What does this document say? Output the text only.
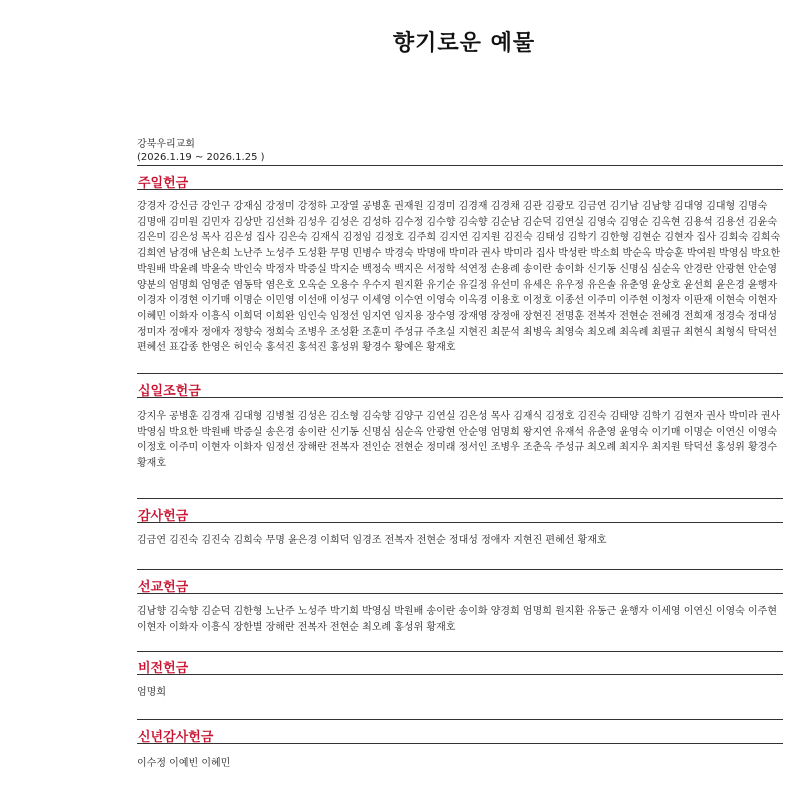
향기로운 예물
강북우리교회
(2026.1.19 ~ 2026.1.25 )
주일헌금
강경자 강신금 강인구 강재심 강정미 강정하 고장열 공병훈 권재원 김경미 김경재 김경채 김관 김광모 김금연 김기남 김남향 김대영 김대형 김명숙 김명애 김미원 김민자 김상만 김선화 김성우 김성은 김성하 김수정 김수향 김숙향 김순남 김순덕 김연실 김영숙 김영순 김옥현 김용석 김용선 김윤숙 김은미 김은성 목사 김은성 집사 김은숙 김재식 김정임 김정호 김주희 김지연 김지원 김진숙 김태성 김학기 김한형 김현순 김현자 집사 김회숙 김희숙 김희연 남경애 남은희 노난주 노성주 도성환 무명 민병수 박경숙 박명애 박미라 권사 박미라 집사 박성란 박소희 박순옥 박승훈 박여원 박영심 박요한 박원배 박윤례 박윤숙 박인숙 박정자 박증실 박지순 백정숙 백지은 서정학 석연정 손용례 송이란 송이화 신기동 신명심 심순옥 안경란 안광현 안순영 양분의 엄명희 엄영준 염동탁 염은호 오옥순 오용수 우수지 원지환 유기순 유길정 유선미 유세은 유우정 유은솔 유춘영 윤상호 윤선희 윤은경 윤행자 이경자 이경현 이기매 이명순 이민영 이선애 이성구 이세영 이수연 이영숙 이옥경 이용호 이정호 이종선 이주미 이주현 이청자 이판재 이현숙 이현자 이혜민 이화자 이흥식 이희덕 이희완 임인숙 임정선 임지연 임지용 장수영 장재영 장정애 장현진 전명훈 전복자 전현순 전혜경 전희재 정경숙 정대성 정미자 정애자 정애자 정향숙 정희숙 조병우 조성환 조훈미 주성규 주초실 지현진 최문석 최병옥 최영숙 최오례 최옥례 최필규 최현식 최형식 탁덕선 편혜선 표갑종 한영은 허인숙 홍석진 홍석진 홍성위 황경수 황예은 황재호
십일조헌금
강지우 공병훈 김경재 김대형 김병철 김성은 김소형 김숙향 김양구 김연실 김은성 목사 김재식 김정호 김진숙 김태양 김학기 김현자 권사 박미라 권사 박영심 박요한 박원배 박증실 송은경 송이란 신기동 신명심 심순옥 안광현 안순영 엄명희 왕지연 유재석 유춘영 윤영숙 이기매 이명순 이연신 이영숙 이정호 이주미 이현자 이화자 임정선 장해란 전복자 전인순 전현순 정미래 정서인 조병우 조춘옥 주성규 최오례 최지우 최지원 탁덕선 홍성위 황경수 황재호
감사헌금
김금연 김진숙 김진숙 김희숙 무명 윤은경 이희덕 임경조 전복자 전현순 정대성 정애자 지현진 편혜선 황재호
선교헌금
김남향 김숙향 김순덕 김한형 노난주 노성주 박기희 박영심 박원배 송이란 송이화 양경희 엄명희 원지환 유동근 윤행자 이세영 이연신 이영숙 이주현 이현자 이화자 이흥식 장한별 장해란 전복자 전현순 최오례 홍성위 황재호
비전헌금
엄명희
신년감사헌금
이수정 이예빈 이혜민
